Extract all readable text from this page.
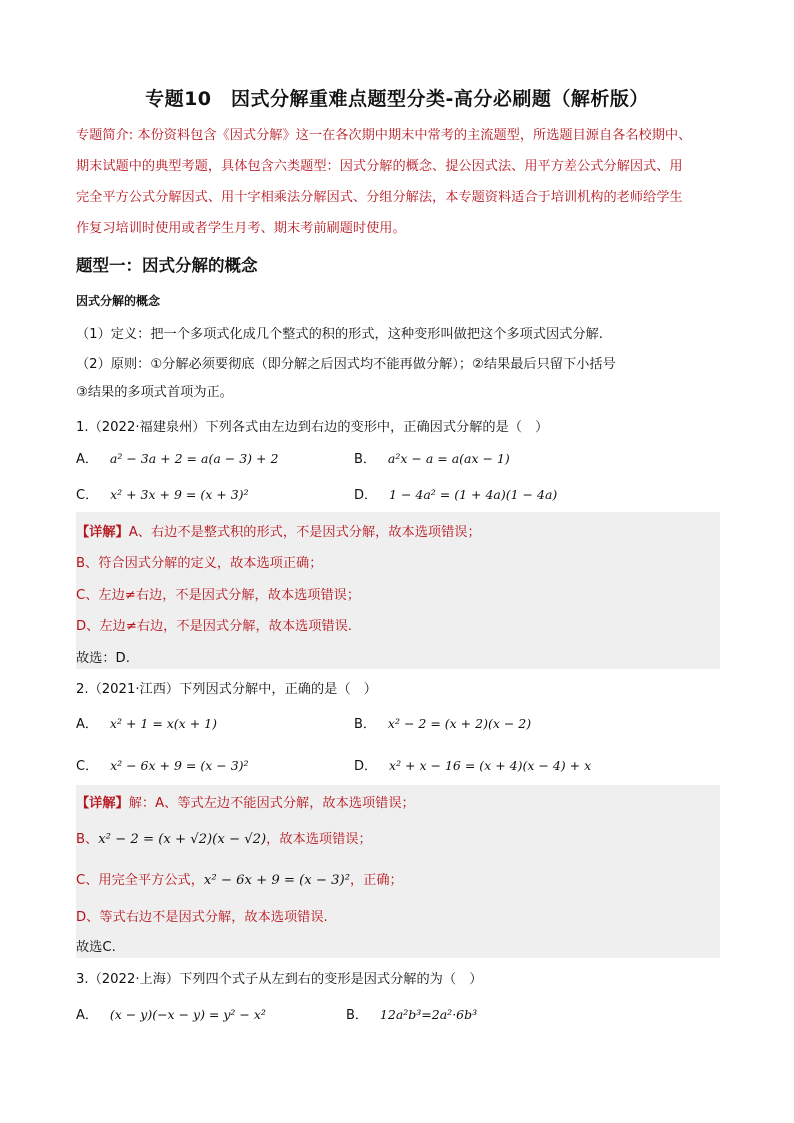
专题10　因式分解重难点题型分类-高分必刷题（解析版）
专题简介: 本份资料包含《因式分解》这一在各次期中期末中常考的主流题型，所选题目源自各名校期中、
期末试题中的典型考题，具体包含六类题型：因式分解的概念、提公因式法、用平方差公式分解因式、用
完全平方公式分解因式、用十字相乘法分解因式、分组分解法，本专题资料适合于培训机构的老师给学生
作复习培训时使用或者学生月考、期末考前刷题时使用。
题型一：因式分解的概念
因式分解的概念
（1）定义：把一个多项式化成几个整式的积的形式，这种变形叫做把这个多项式因式分解.
（2）原则：①分解必须要彻底（即分解之后因式均不能再做分解）；②结果最后只留下小括号
③结果的多项式首项为正。
1.（2022·福建泉州）下列各式由左边到右边的变形中，正确因式分解的是（　）
A． a² − 3a + 2 = a(a − 3) + 2	B． a²x − a = a(ax − 1)
C． x² + 3x + 9 = (x + 3)²	D． 1 − 4a² = (1 + 4a)(1 − 4a)
【详解】A、右边不是整式积的形式，不是因式分解，故本选项错误；
B、符合因式分解的定义，故本选项正确；
C、左边≠右边，不是因式分解，故本选项错误；
D、左边≠右边，不是因式分解，故本选项错误.
故选：D.
2.（2021·江西）下列因式分解中，正确的是（　）
A． x² + 1 = x(x + 1)	B． x² − 2 = (x + 2)(x − 2)
C． x² − 6x + 9 = (x − 3)²	D． x² + x − 16 = (x + 4)(x − 4) + x
【详解】解：A、等式左边不能因式分解，故本选项错误；
B、x² − 2 = (x + √2)(x − √2)，故本选项错误；
C、用完全平方公式，x² − 6x + 9 = (x − 3)²，正确；
D、等式右边不是因式分解，故本选项错误.
故选C.
3.（2022·上海）下列四个式子从左到右的变形是因式分解的为（　）
A． (x − y)(−x − y) = y² − x²	B． 12a²b³=2a²·6b³
